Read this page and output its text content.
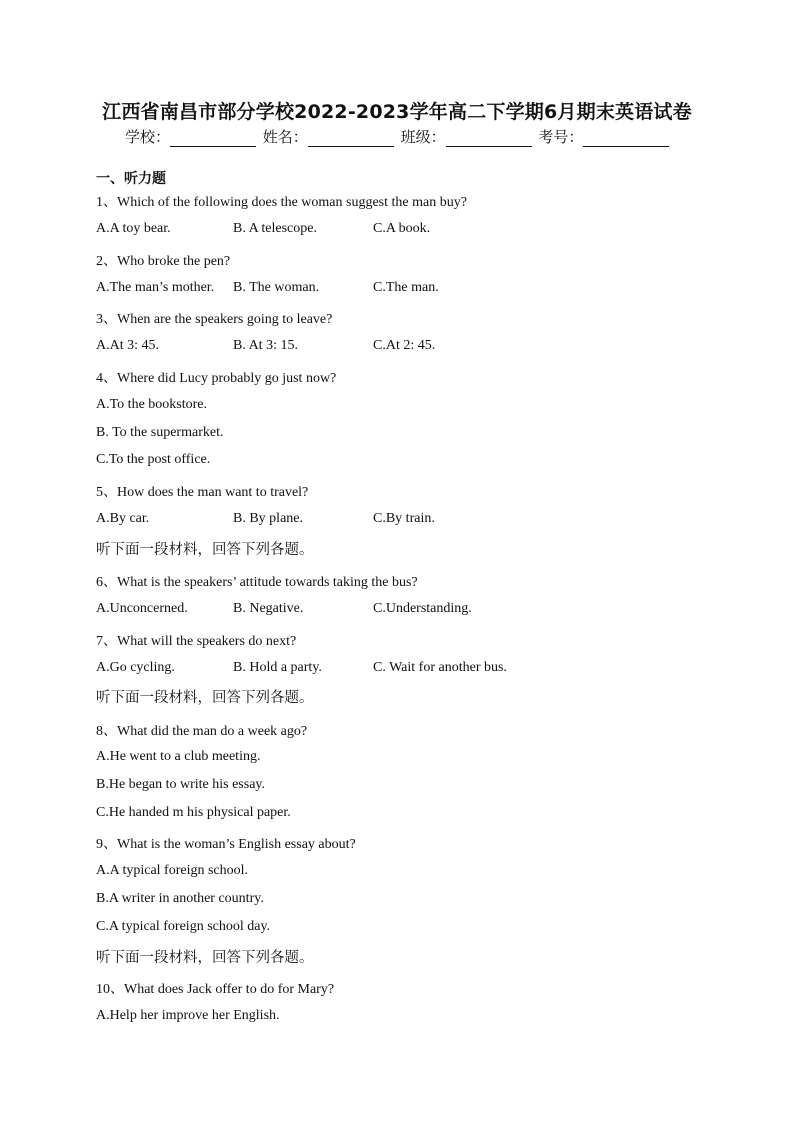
江西省南昌市部分学校2022-2023学年高二下学期6月期末英语试卷
学校：	姓名：	班级：	考号：
一、听力题
1、Which of the following does the woman suggest the man buy?
A.A toy bear.	B. A telescope.	C.A book.
2、Who broke the pen?
A.The man’s mother. B. The woman.	C.The man.
3、When are the speakers going to leave?
A.At 3: 45.	B. At 3: 15.	C.At 2: 45.
4、Where did Lucy probably go just now?
A.To the bookstore.
B. To the supermarket.
C.To the post office.
5、How does the man want to travel?
A.By car.	B. By plane.	C.By train.
听下面一段材料，回答下列各题。
6、What is the speakers’ attitude towards taking the bus?
A.Unconcerned.	B. Negative.	C.Understanding.
7、What will the speakers do next?
A.Go cycling.	B. Hold a party.	C. Wait for another bus.
听下面一段材料，回答下列各题。
8、What did the man do a week ago?
A.He went to a club meeting.
B.He began to write his essay.
C.He handed m his physical paper.
9、What is the woman’s English essay about?
A.A typical foreign school.
B.A writer in another country.
C.A typical foreign school day.
听下面一段材料，回答下列各题。
10、What does Jack offer to do for Mary?
A.Help her improve her English.
